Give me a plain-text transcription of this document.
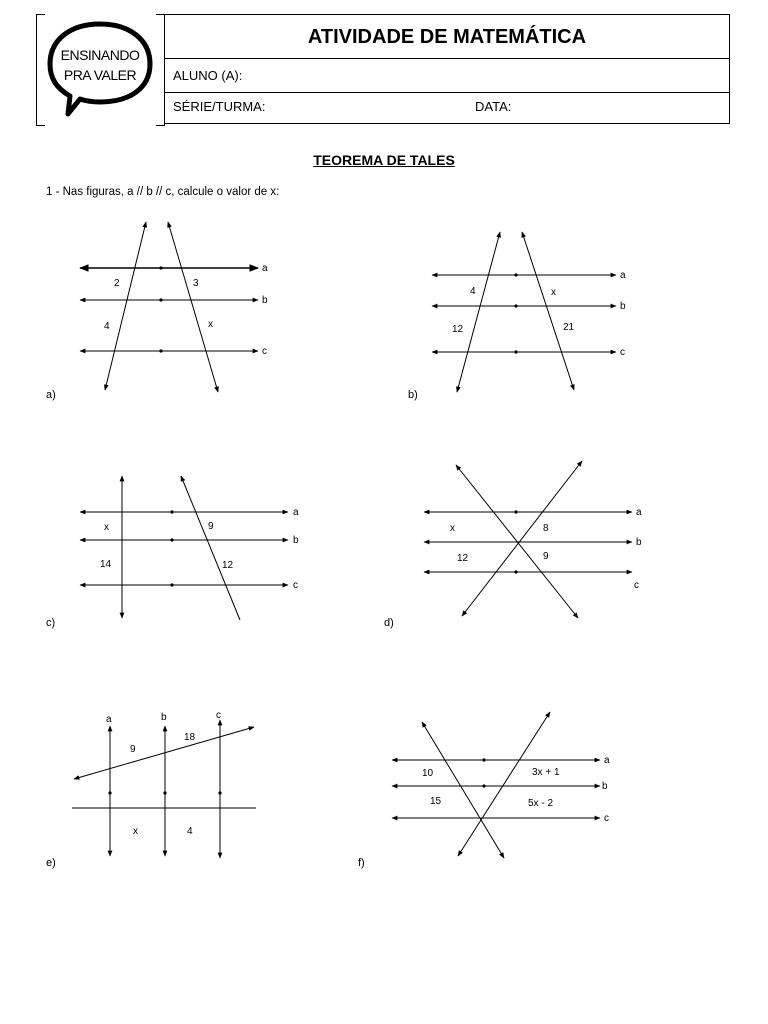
ENSINANDO
PRA VALER
ATIVIDADE DE MATEMÁTICA
ALUNO (A):
SÉRIE/TURMA:	DATA:
TEOREMA DE TALES
1 - Nas figuras, a // b // c, calcule o valor de x:
a
b
c
2	3
4	x
a)
a
b
c
4	x
12	21
b)
a
b
c
x	9
14	12
c)
a
b
c
x	8
12	9
d)
a	b	c
9
18
x	4
e)
a
b
c
10	3x + 1
15	5x - 2
f)
